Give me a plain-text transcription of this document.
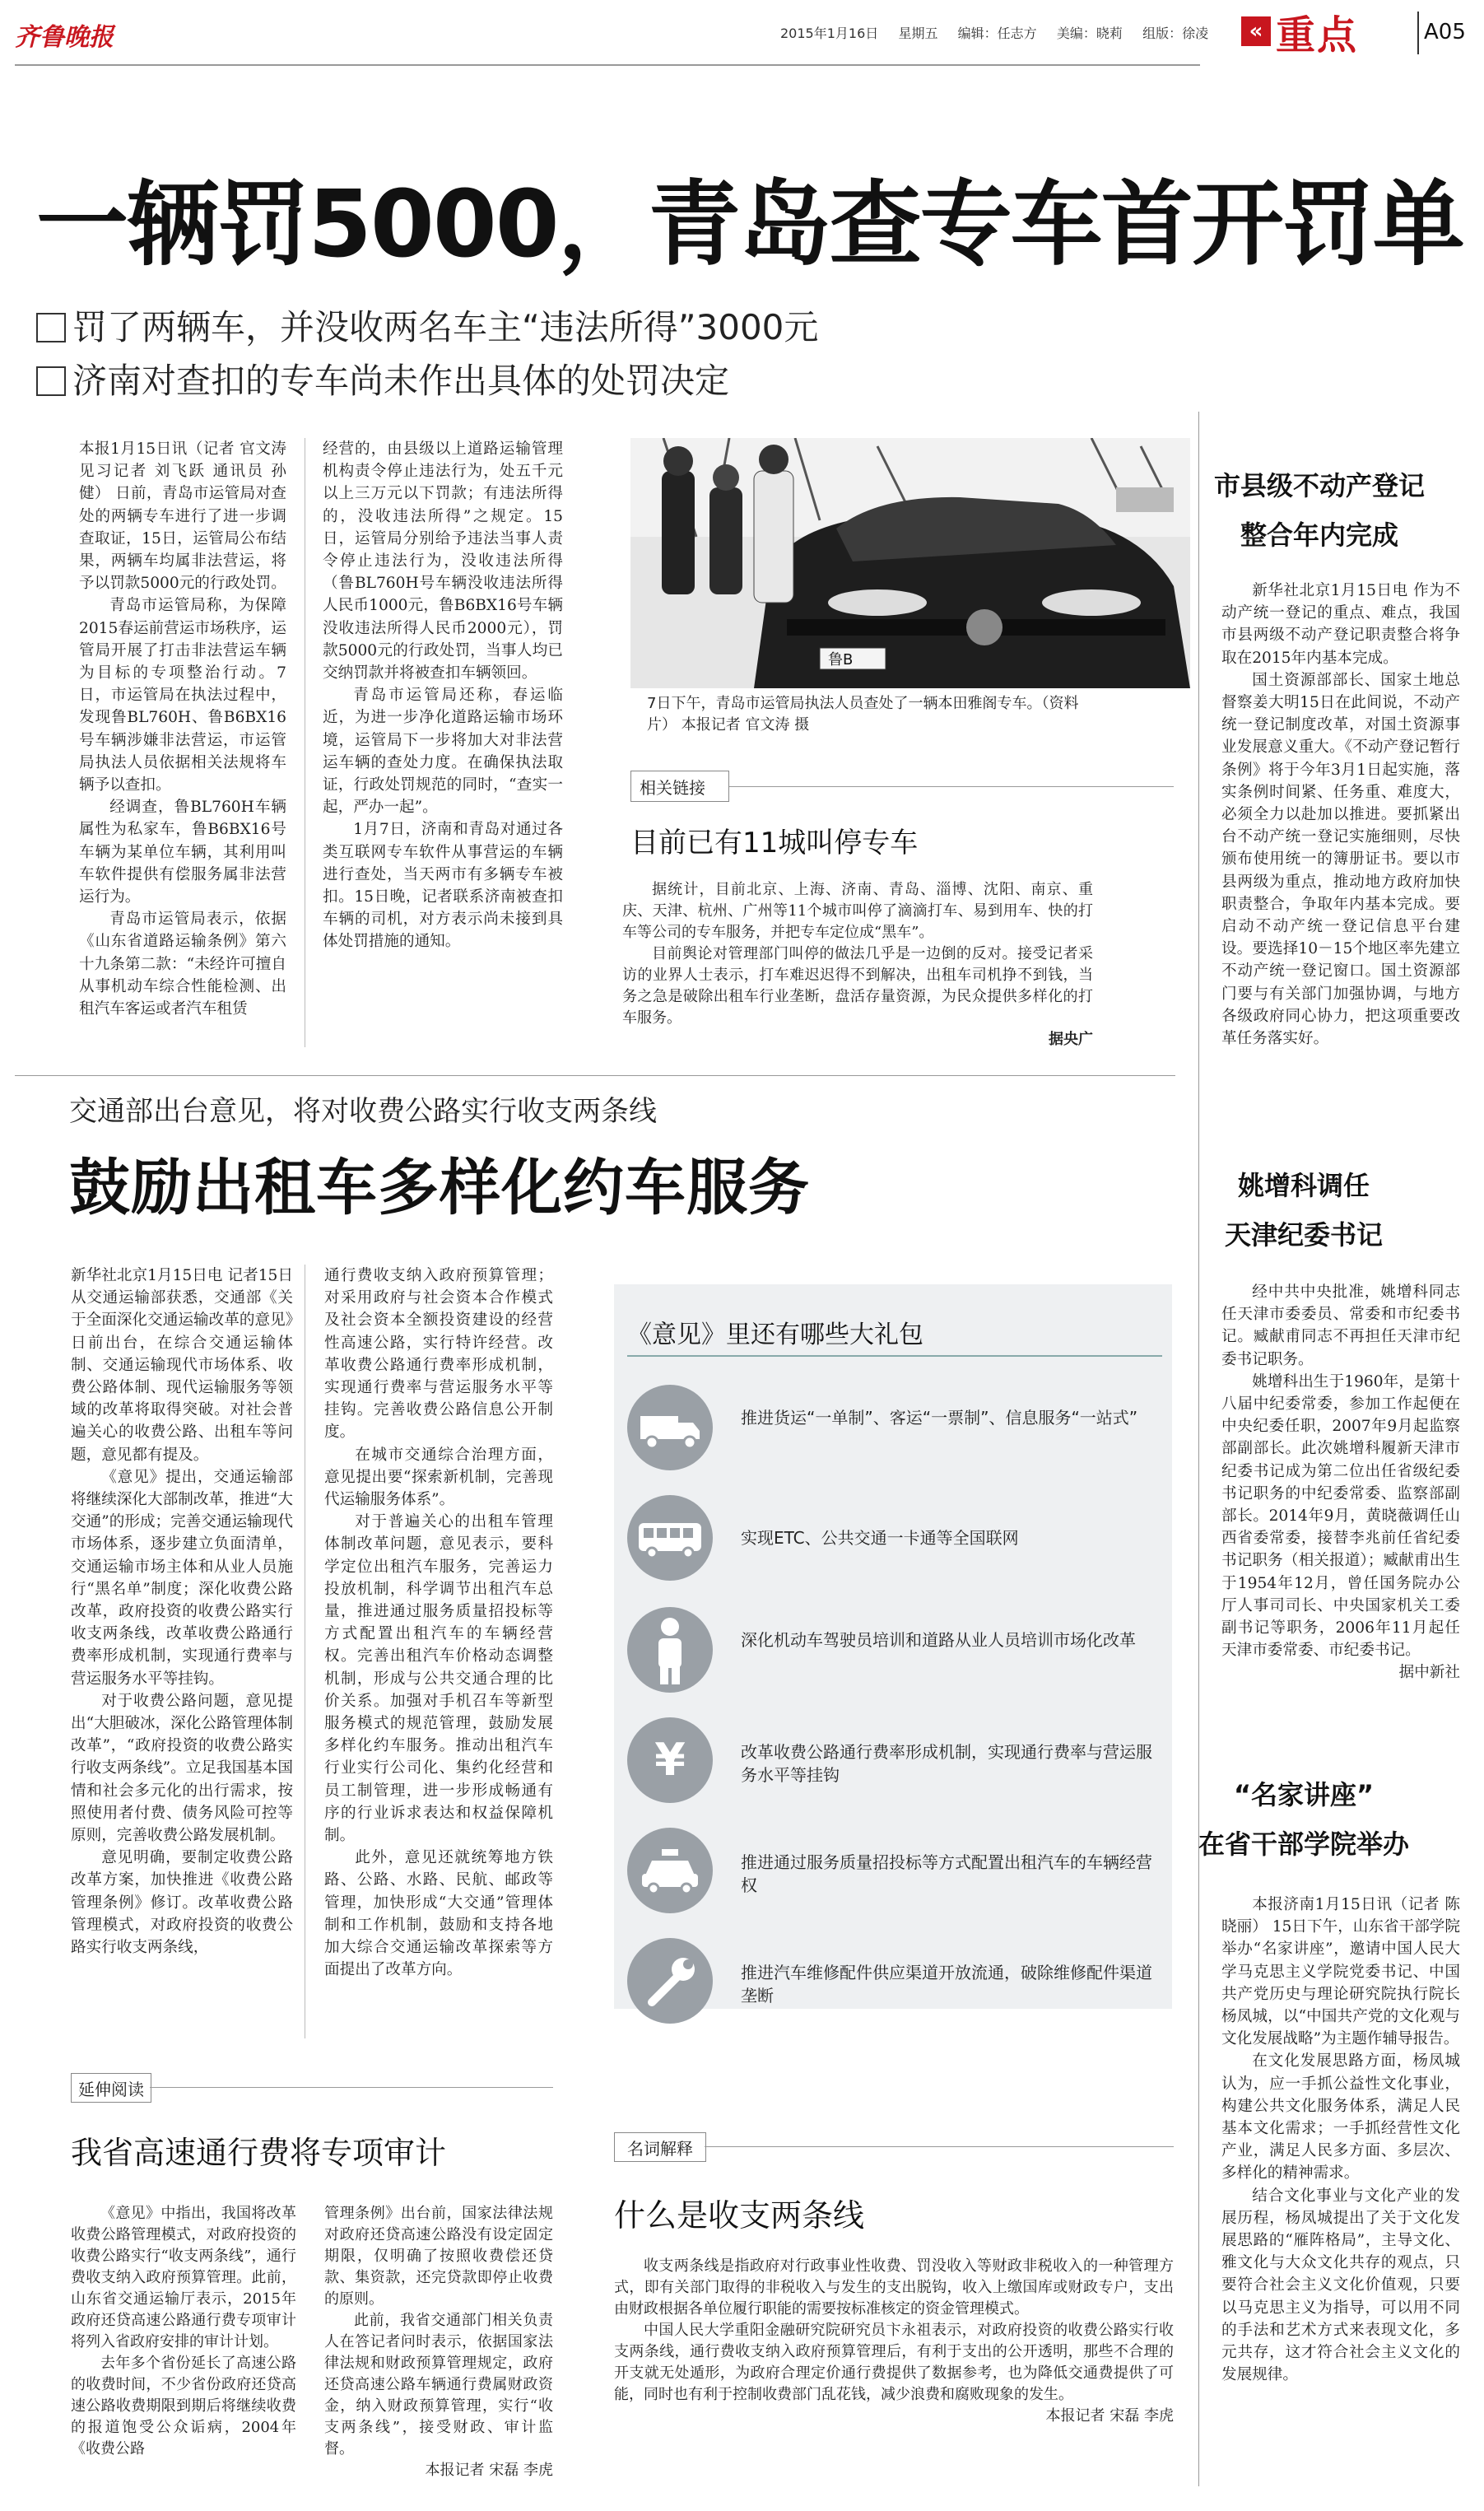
齐鲁晚报	2015年1月16日 星期五 编辑：任志方 美编：晓莉 组版：徐凌	« 重点	A05
一辆罚5000，青岛查专车首开罚单
罚了两辆车，并没收两名车主“违法所得”3000元
济南对查扣的专车尚未作出具体的处罚决定

本报1月15日讯（记者 官文涛 见习记者 刘飞跃 通讯员 孙健） 日前，青岛市运管局对查处的两辆专车进行了进一步调查取证，15日，运管局公布结果，两辆车均属非法营运，将予以罚款5000元的行政处罚。

青岛市运管局称，为保障2015春运前营运市场秩序，运管局开展了打击非法营运车辆为目标的专项整治行动。7日，市运管局在执法过程中，发现鲁BL760H、鲁B6BX16号车辆涉嫌非法营运，市运管局执法人员依据相关法规将车辆予以查扣。

经调查，鲁BL760H车辆属性为私家车，鲁B6BX16号车辆为某单位车辆，其利用叫车软件提供有偿服务属非法营运行为。

青岛市运管局表示，依据《山东省道路运输条例》第六十九条第二款：“未经许可擅自从事机动车综合性能检测、出租汽车客运或者汽车租赁

经营的，由县级以上道路运输管理机构责令停止违法行为，处五千元以上三万元以下罚款；有违法所得的，没收违法所得”之规定。15日，运管局分别给予违法当事人责令停止违法行为，没收违法所得（鲁BL760H号车辆没收违法所得人民币1000元，鲁B6BX16号车辆没收违法所得人民币2000元），罚款5000元的行政处罚，当事人均已交纳罚款并将被查扣车辆领回。

青岛市运管局还称，春运临近，为进一步净化道路运输市场环境，运管局下一步将加大对非法营运车辆的查处力度。在确保执法取证，行政处罚规范的同时，“查实一起，严办一起”。

1月7日，济南和青岛对通过各类互联网专车软件从事营运的车辆进行查处，当天两市有多辆专车被扣。15日晚，记者联系济南被查扣车辆的司机，对方表示尚未接到具体处罚措施的通知。

鲁B
7日下午，青岛市运管局执法人员查处了一辆本田雅阁专车。（资料片） 本报记者 官文涛 摄
相关链接
目前已有11城叫停专车

据统计，目前北京、上海、济南、青岛、淄博、沈阳、南京、重庆、天津、杭州、广州等11个城市叫停了滴滴打车、易到用车、快的打车等公司的专车服务，并把专车定位成“黑车”。

目前舆论对管理部门叫停的做法几乎是一边倒的反对。接受记者采访的业界人士表示，打车难迟迟得不到解决，出租车司机挣不到钱，当务之急是破除出租车行业垄断，盘活存量资源，为民众提供多样化的打车服务。

据央广
交通部出台意见，将对收费公路实行收支两条线
鼓励出租车多样化约车服务

新华社北京1月15日电 记者15日从交通运输部获悉，交通部《关于全面深化交通运输改革的意见》日前出台，在综合交通运输体制、交通运输现代市场体系、收费公路体制、现代运输服务等领域的改革将取得突破。对社会普遍关心的收费公路、出租车等问题，意见都有提及。

《意见》提出，交通运输部将继续深化大部制改革，推进“大交通”的形成；完善交通运输现代市场体系，逐步建立负面清单，交通运输市场主体和从业人员施行“黑名单”制度；深化收费公路改革，政府投资的收费公路实行收支两条线，改革收费公路通行费率形成机制，实现通行费率与营运服务水平等挂钩。

对于收费公路问题，意见提出“大胆破冰，深化公路管理体制改革”，“政府投资的收费公路实行收支两条线”。立足我国基本国情和社会多元化的出行需求，按照使用者付费、债务风险可控等原则，完善收费公路发展机制。

意见明确，要制定收费公路改革方案，加快推进《收费公路管理条例》修订。改革收费公路管理模式，对政府投资的收费公路实行收支两条线，

通行费收支纳入政府预算管理；对采用政府与社会资本合作模式及社会资本全额投资建设的经营性高速公路，实行特许经营。改革收费公路通行费率形成机制，实现通行费率与营运服务水平等挂钩。完善收费公路信息公开制度。

在城市交通综合治理方面，意见提出要“探索新机制，完善现代运输服务体系”。

对于普遍关心的出租车管理体制改革问题，意见表示，要科学定位出租汽车服务，完善运力投放机制，科学调节出租汽车总量，推进通过服务质量招投标等方式配置出租汽车的车辆经营权。完善出租汽车价格动态调整机制，形成与公共交通合理的比价关系。加强对手机召车等新型服务模式的规范管理，鼓励发展多样化约车服务。推动出租汽车行业实行公司化、集约化经营和员工制管理，进一步形成畅通有序的行业诉求表达和权益保障机制。

此外，意见还就统筹地方铁路、公路、水路、民航、邮政等管理，加快形成“大交通”管理体制和工作机制，鼓励和支持各地加大综合交通运输改革探索等方面提出了改革方向。

《意见》里还有哪些大礼包
推进货运“一单制”、客运“一票制”、信息服务“一站式”
实现ETC、公共交通一卡通等全国联网
深化机动车驾驶员培训和道路从业人员培训市场化改革
¥	改革收费公路通行费率形成机制，实现通行费率与营运服务水平等挂钩
推进通过服务质量招投标等方式配置出租汽车的车辆经营权
推进汽车维修配件供应渠道开放流通，破除维修配件渠道垄断
延伸阅读
我省高速通行费将专项审计

《意见》中指出，我国将改革收费公路管理模式，对政府投资的收费公路实行“收支两条线”，通行费收支纳入政府预算管理。此前，山东省交通运输厅表示，2015年政府还贷高速公路通行费专项审计将列入省政府安排的审计计划。

去年多个省份延长了高速公路的收费时间，不少省份政府还贷高速公路收费期限到期后将继续收费的报道饱受公众诟病，2004年《收费公路

管理条例》出台前，国家法律法规对政府还贷高速公路没有设定固定期限，仅明确了按照收费偿还贷款、集资款，还完贷款即停止收费的原则。

此前，我省交通部门相关负责人在答记者问时表示，依据国家法律法规和财政预算管理规定，政府还贷高速公路车辆通行费属财政资金，纳入财政预算管理，实行“收支两条线”，接受财政、审计监督。

本报记者 宋磊 李虎
名词解释
什么是收支两条线

收支两条线是指政府对行政事业性收费、罚没收入等财政非税收入的一种管理方式，即有关部门取得的非税收入与发生的支出脱钩，收入上缴国库或财政专户，支出由财政根据各单位履行职能的需要按标准核定的资金管理模式。

中国人民大学重阳金融研究院研究员卞永祖表示，对政府投资的收费公路实行收支两条线，通行费收支纳入政府预算管理后，有利于支出的公开透明，那些不合理的开支就无处遁形，为政府合理定价通行费提供了数据参考，也为降低交通费提供了可能，同时也有利于控制收费部门乱花钱，减少浪费和腐败现象的发生。

本报记者 宋磊 李虎
市县级不动产登记
整合年内完成

新华社北京1月15日电 作为不动产统一登记的重点、难点，我国市县两级不动产登记职责整合将争取在2015年内基本完成。

国土资源部部长、国家土地总督察姜大明15日在此间说，不动产统一登记制度改革，对国土资源事业发展意义重大。《不动产登记暂行条例》将于今年3月1日起实施，落实条例时间紧、任务重、难度大，必须全力以赴加以推进。要抓紧出台不动产统一登记实施细则，尽快颁布使用统一的簿册证书。要以市县两级为重点，推动地方政府加快职责整合，争取年内基本完成。要启动不动产统一登记信息平台建设。要选择10－15个地区率先建立不动产统一登记窗口。国土资源部门要与有关部门加强协调，与地方各级政府同心协力，把这项重要改革任务落实好。

姚增科调任
天津纪委书记

经中共中央批准，姚增科同志任天津市委委员、常委和市纪委书记。臧献甫同志不再担任天津市纪委书记职务。

姚增科出生于1960年，是第十八届中纪委常委，参加工作起便在中央纪委任职，2007年9月起监察部副部长。此次姚增科履新天津市纪委书记成为第二位出任省级纪委书记职务的中纪委常委、监察部副部长。2014年9月，黄晓薇调任山西省委常委，接替李兆前任省纪委书记职务（相关报道）；臧献甫出生于1954年12月，曾任国务院办公厅人事司司长、中央国家机关工委副书记等职务，2006年11月起任天津市委常委、市纪委书记。

据中新社
“名家讲座”
在省干部学院举办

本报济南1月15日讯（记者 陈晓丽） 15日下午，山东省干部学院举办“名家讲座”，邀请中国人民大学马克思主义学院党委书记、中国共产党历史与理论研究院执行院长杨凤城，以“中国共产党的文化观与文化发展战略”为主题作辅导报告。

在文化发展思路方面，杨凤城认为，应一手抓公益性文化事业，构建公共文化服务体系，满足人民基本文化需求；一手抓经营性文化产业，满足人民多方面、多层次、多样化的精神需求。

结合文化事业与文化产业的发展历程，杨凤城提出了关于文化发展思路的“雁阵格局”，主导文化、雅文化与大众文化共存的观点，只要符合社会主义文化价值观，只要以马克思主义为指导，可以用不同的手法和艺术方式来表现文化，多元共存，这才符合社会主义文化的发展规律。
